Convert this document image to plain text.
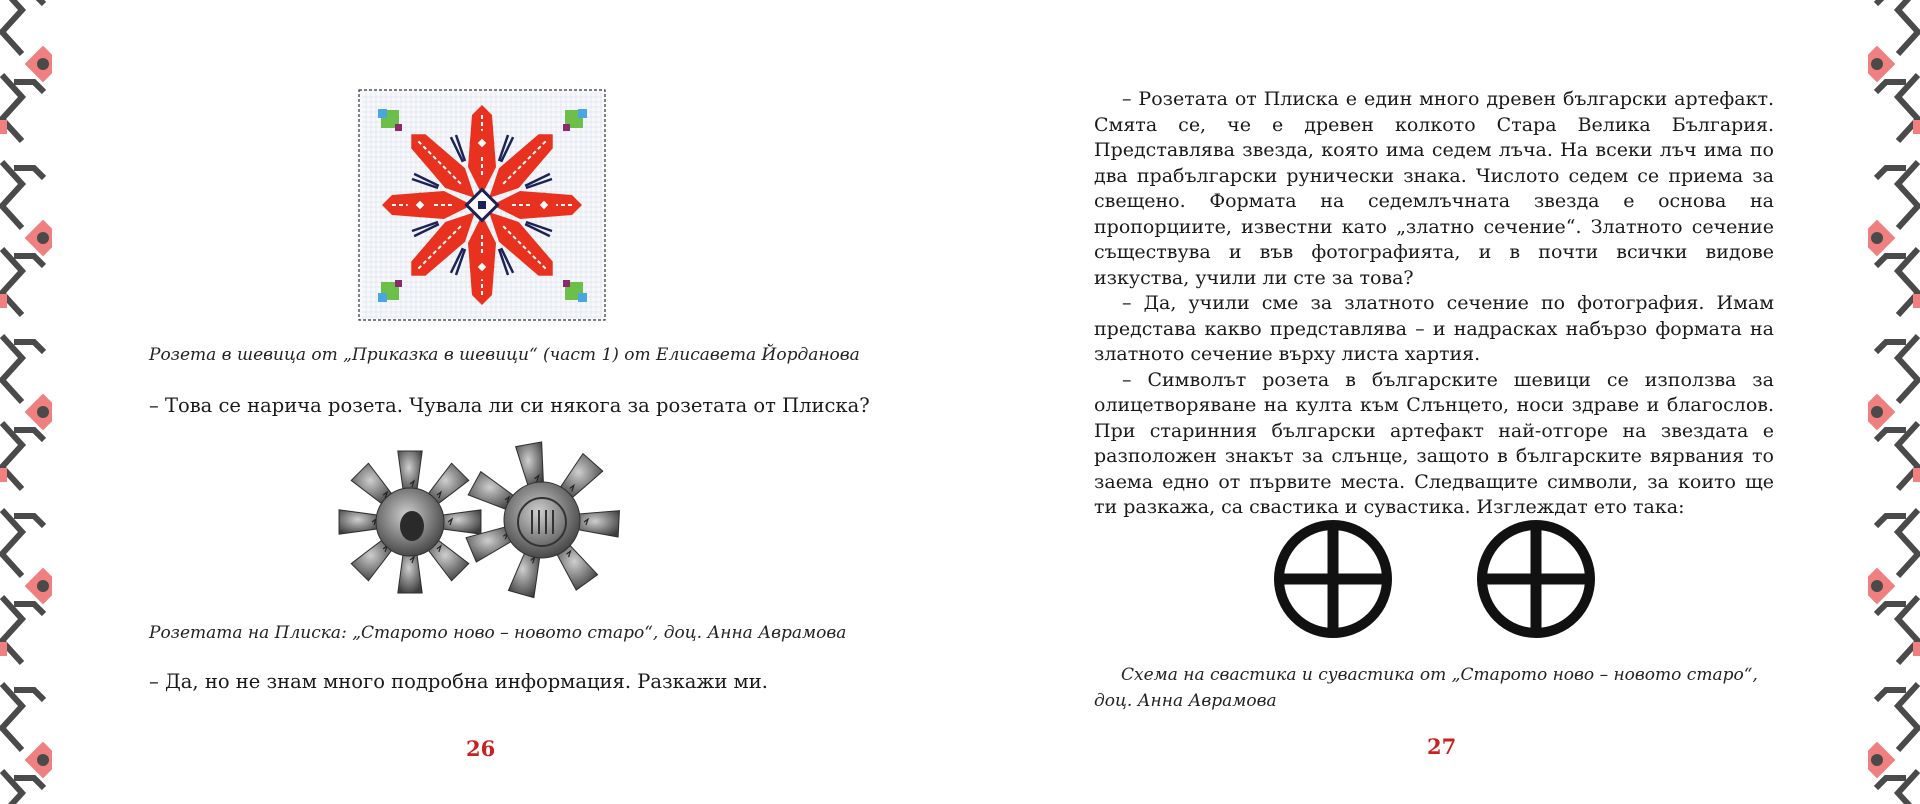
Розета в шевица от „Приказка в шевици“ (част 1) от Елисавета Йорданова
– Това се нарича розета. Чувала ли си някога за розетата от Плиска?
Розетата на Плиска: „Старото ново – новото старо“, доц. Анна Аврамова
– Да, но не знам много подробна информация. Разкажи ми.
26

– Розетата от Плиска е един много древен български артефакт. Смята се, че е древен колкото Стара Велика България. Представлява звезда, която има седем лъча. На всеки лъч има по два прабългарски рунически знака. Числото седем се приема за свещено. Формата на седемлъчната звезда е основа на пропорциите, известни като „златно сечение“. Златното сечение съществува и във фотографията, и в почти всички видове изкуства, учили ли сте за това?

– Да, учили сме за златното сечение по фотография. Имам представа какво представлява – и надрасках набързо формата на златното сечение върху листа хартия.

– Символът розета в българските шевици се използва за олицетворяване на култа към Слънцето, носи здраве и благослов. При старинния български артефакт най-отгоре на звездата е разположен знакът за слънце, защото в българските вярвания то заема едно от първите места. Следващите символи, за които ще ти разкажа, са свастика и сувастика. Изглеждат ето така:

Схема на свастика и сувастика от „Старото ново – новото старо“,
доц. Анна Аврамова
27
